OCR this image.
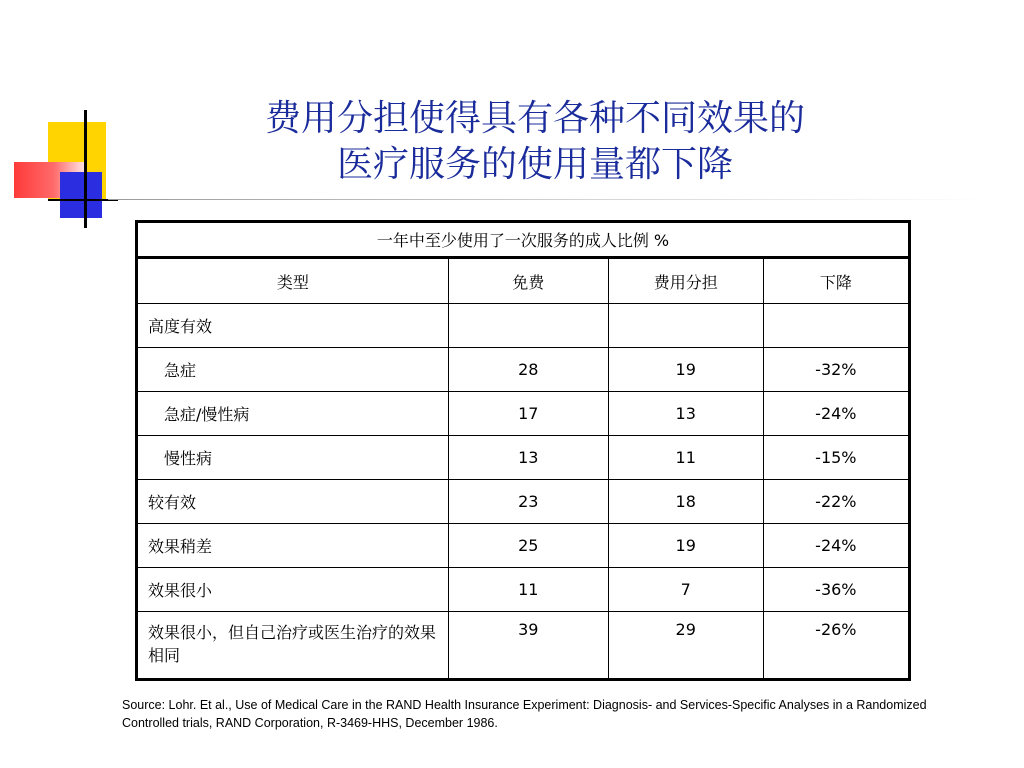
费用分担使得具有各种不同效果的
医疗服务的使用量都下降
一年中至少使用了一次服务的成人比例 %			
类型	免费	费用分担	下降
高度有效			
急症	28	19	-32%
急症/慢性病	17	13	-24%
慢性病	13	11	-15%
较有效	23	18	-22%
效果稍差	25	19	-24%
效果很小	11	7	-36%
效果很小，但自己治疗或医生治疗的效果相同	39	29	-26%
Source: Lohr. Et al., Use of Medical Care in the RAND Health Insurance Experiment: Diagnosis- and Services-Specific Analyses in a Randomized Controlled trials, RAND Corporation, R-3469-HHS, December 1986.
